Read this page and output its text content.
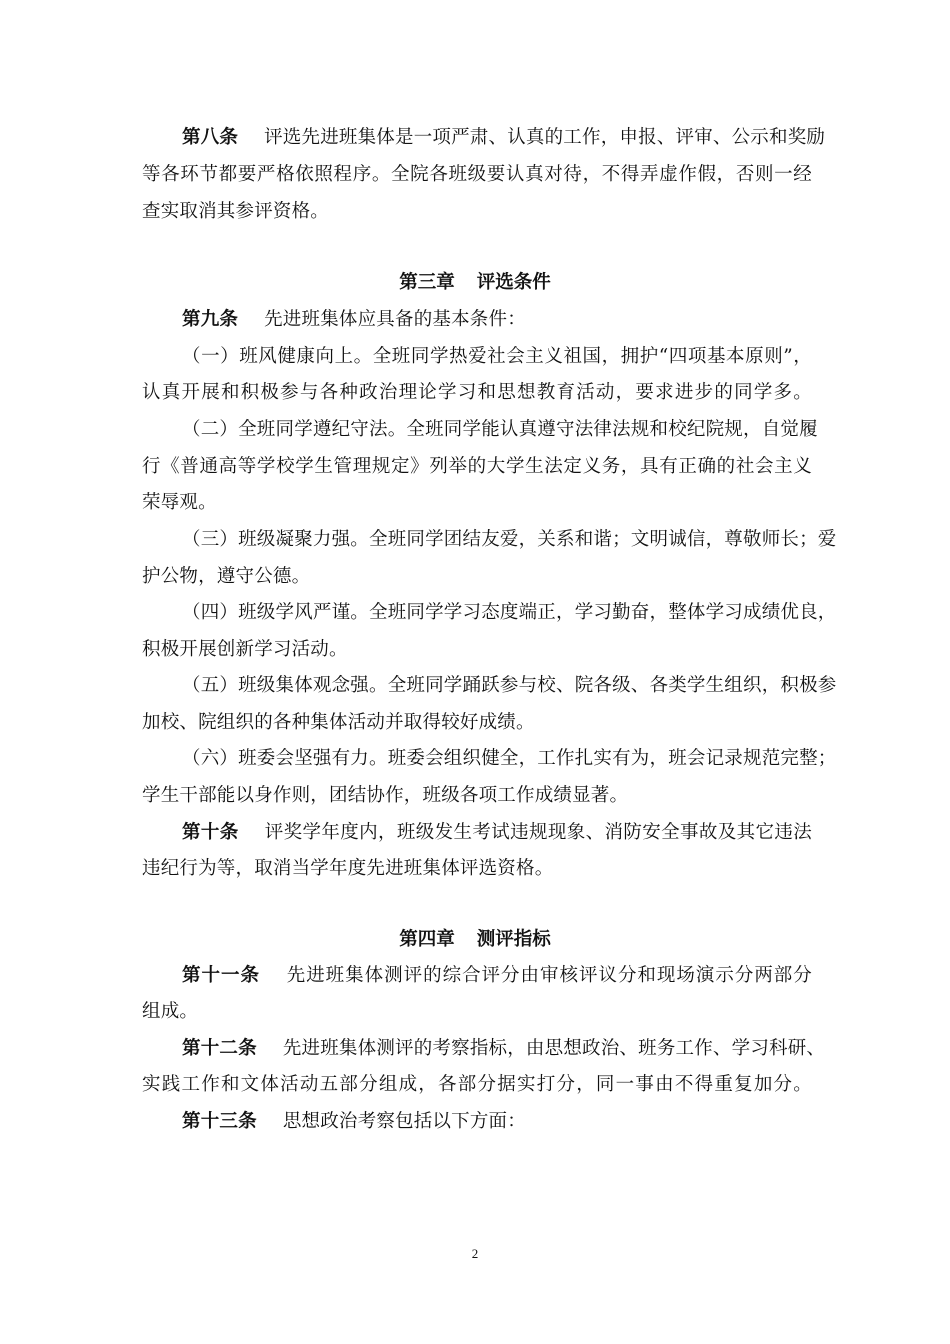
第八条 评选先进班集体是一项严肃、认真的工作，申报、评审、公示和奖励
等各环节都要严格依照程序。全院各班级要认真对待，不得弄虚作假，否则一经
查实取消其参评资格。
第三章 评选条件
第九条 先进班集体应具备的基本条件：
（一）班风健康向上。全班同学热爱社会主义祖国，拥护“四项基本原则”，
认真开展和积极参与各种政治理论学习和思想教育活动，要求进步的同学多。
（二）全班同学遵纪守法。全班同学能认真遵守法律法规和校纪院规，自觉履
行《普通高等学校学生管理规定》列举的大学生法定义务，具有正确的社会主义
荣辱观。
（三）班级凝聚力强。全班同学团结友爱，关系和谐；文明诚信，尊敬师长；爱
护公物，遵守公德。
（四）班级学风严谨。全班同学学习态度端正，学习勤奋，整体学习成绩优良，
积极开展创新学习活动。
（五）班级集体观念强。全班同学踊跃参与校、院各级、各类学生组织，积极参
加校、院组织的各种集体活动并取得较好成绩。
（六）班委会坚强有力。班委会组织健全，工作扎实有为，班会记录规范完整；
学生干部能以身作则，团结协作，班级各项工作成绩显著。
第十条 评奖学年度内，班级发生考试违规现象、消防安全事故及其它违法
违纪行为等，取消当学年度先进班集体评选资格。
第四章 测评指标
第十一条 先进班集体测评的综合评分由审核评议分和现场演示分两部分
组成。
第十二条 先进班集体测评的考察指标，由思想政治、班务工作、学习科研、
实践工作和文体活动五部分组成，各部分据实打分，同一事由不得重复加分。
第十三条 思想政治考察包括以下方面：
2
